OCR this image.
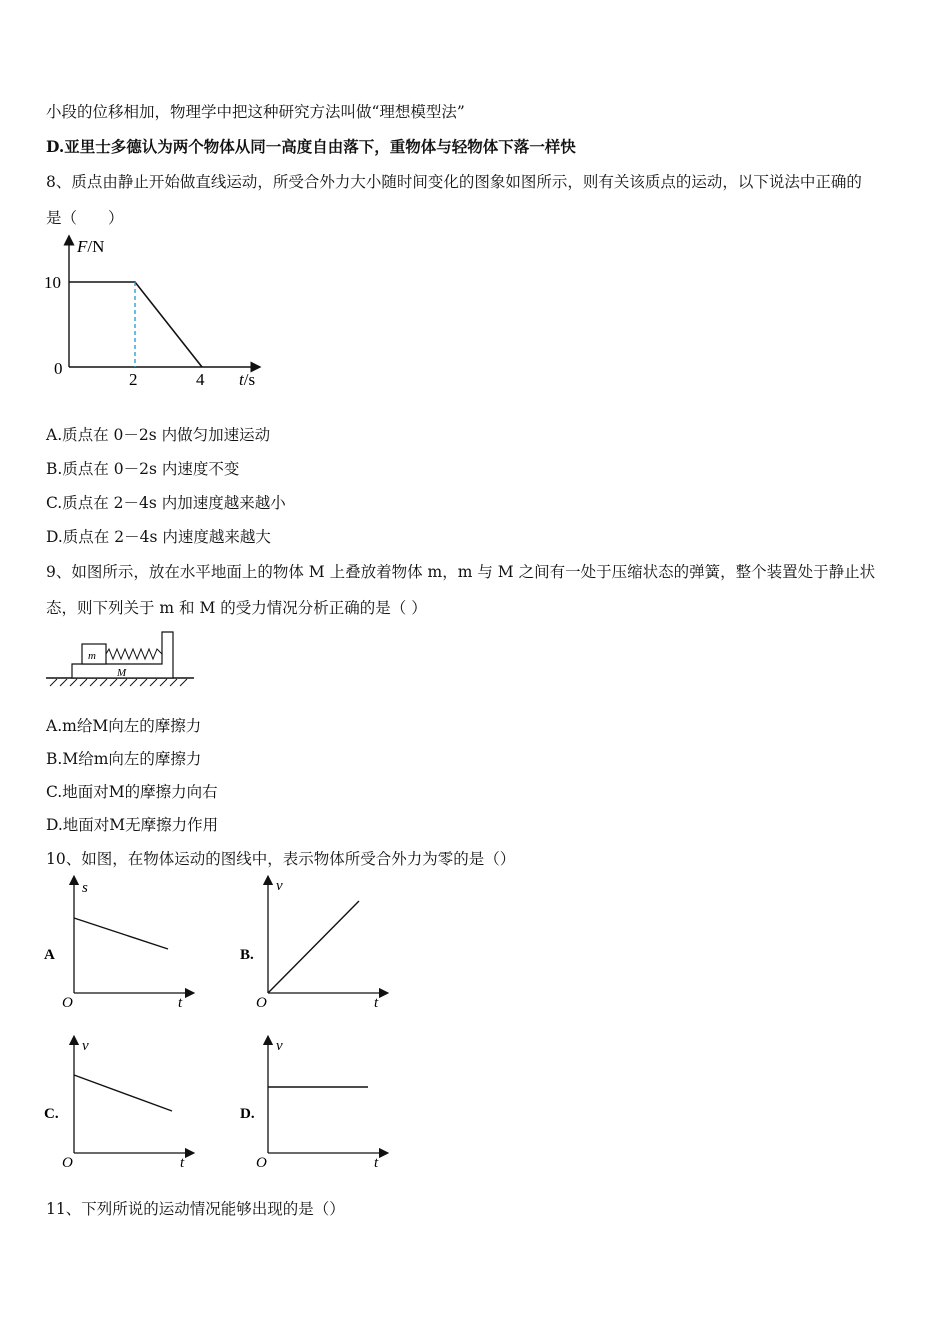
小段的位移相加，物理学中把这种研究方法叫做“理想模型法”
D.亚里士多德认为两个物体从同一高度自由落下，重物体与轻物体下落一样快
8、质点由静止开始做直线运动，所受合外力大小随时间变化的图象如图所示，则有关该质点的运动，以下说法中正确的
是（　　）
F/N
10
0
2	4 t/s
A.质点在 0－2s 内做匀加速运动
B.质点在 0－2s 内速度不变
C.质点在 2－4s 内加速度越来越小
D.质点在 2－4s 内速度越来越大
9、如图所示，放在水平地面上的物体 M 上叠放着物体 m，m 与 M 之间有一处于压缩状态的弹簧，整个装置处于静止状
态，则下列关于 m 和 M 的受力情况分析正确的是（ ）
m
M
A.m给M向左的摩擦力
B.M给m向左的摩擦力
C.地面对M的摩擦力向右
D.地面对M无摩擦力作用
10、如图，在物体运动的图线中，表示物体所受合外力为零的是（）
A
s
O	t
B.
v
O	t
C.
v
O	t
D.
v
O	t
11、下列所说的运动情况能够出现的是（）
